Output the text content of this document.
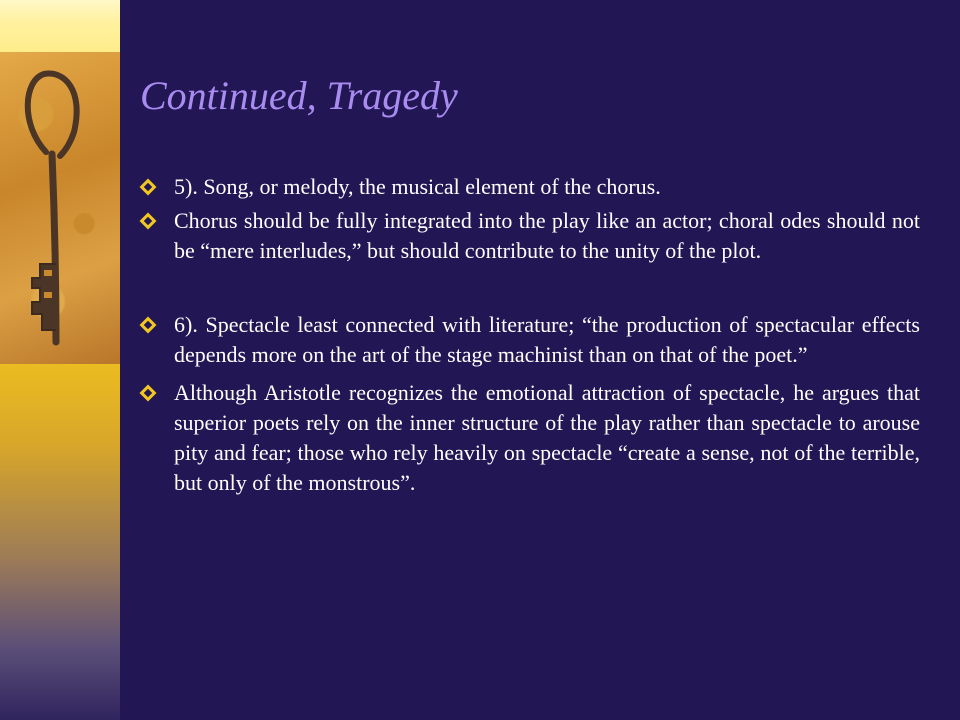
Continued, Tragedy
5). Song, or melody, the musical element of the chorus.
Chorus should be fully integrated into the play like an actor; choral odes should not be “mere interludes,” but should contribute to the unity of the plot.
6). Spectacle least connected with literature; “the production of spectacular effects depends more on the art of the stage machinist than on that of the poet.”
Although Aristotle recognizes the emotional attraction of spectacle, he argues that superior poets rely on the inner structure of the play rather than spectacle to arouse pity and fear; those who rely heavily on spectacle “create a sense, not of the terrible, but only of the monstrous”.
